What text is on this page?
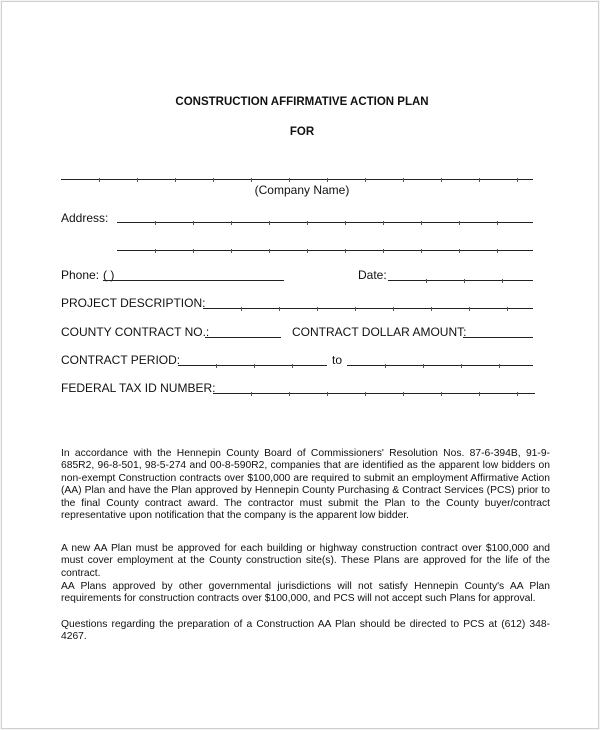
CONSTRUCTION AFFIRMATIVE ACTION PLAN
FOR
(Company Name)
Address:
Phone: ( )	Date:
PROJECT DESCRIPTION:
COUNTY CONTRACT NO.:	CONTRACT DOLLAR AMOUNT:
CONTRACT PERIOD:	to
FEDERAL TAX ID NUMBER:
In accordance with the Hennepin County Board of Commissioners' Resolution Nos. 87-6-394B, 91-9-685R2, 96-8-501, 98-5-274 and 00-8-590R2, companies that are identified as the apparent low bidders on non-exempt Construction contracts over $100,000 are required to submit an employment Affirmative Action (AA) Plan and have the Plan approved by Hennepin County Purchasing & Contract Services (PCS) prior to the final County contract award. The contractor must submit the Plan to the County buyer/contract representative upon notification that the company is the apparent low bidder.
A new AA Plan must be approved for each building or highway construction contract over $100,000 and must cover employment at the County construction site(s). These Plans are approved for the life of the contract.
AA Plans approved by other governmental jurisdictions will not satisfy Hennepin County's AA Plan requirements for construction contracts over $100,000, and PCS will not accept such Plans for approval.
Questions regarding the preparation of a Construction AA Plan should be directed to PCS at (612) 348-4267.
